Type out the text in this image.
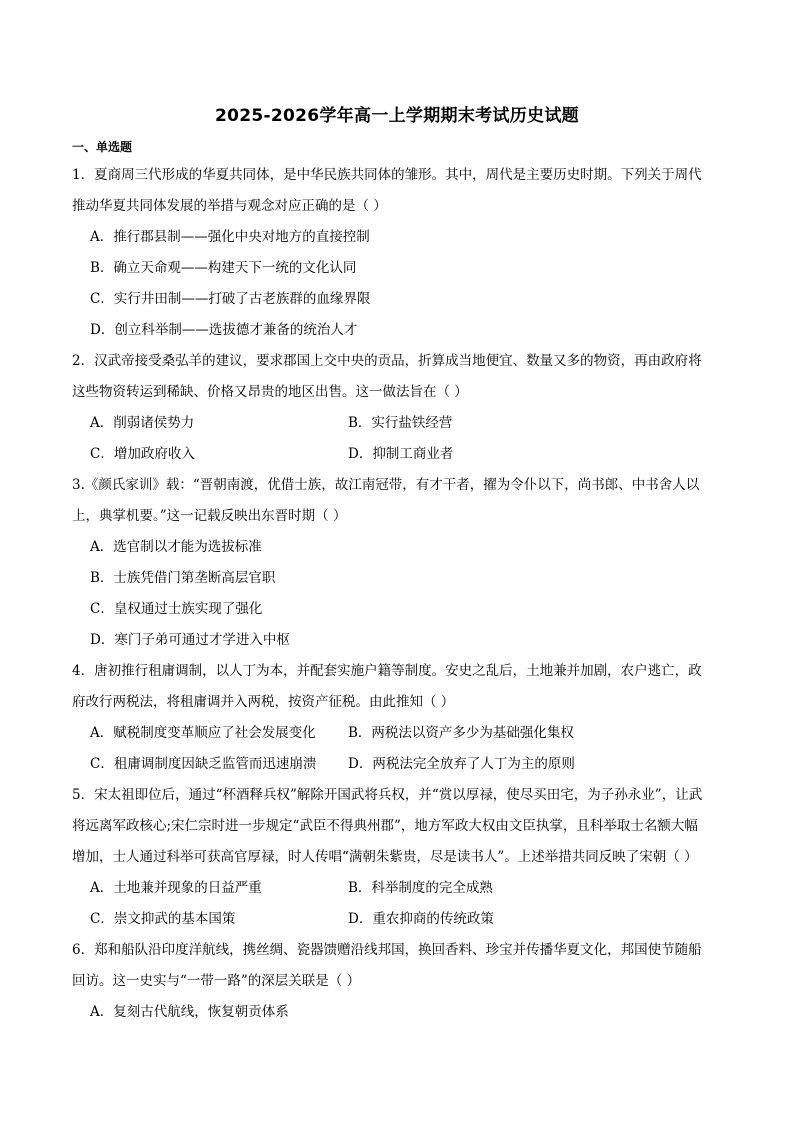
2025-2026学年高一上学期期末考试历史试题
一、单选题

1．夏商周三代形成的华夏共同体，是中华民族共同体的雏形。其中，周代是主要历史时期。下列关于周代
推动华夏共同体发展的举措与观念对应正确的是（ ）

A．推行郡县制——强化中央对地方的直接控制

B．确立天命观——构建天下一统的文化认同

C．实行井田制——打破了古老族群的血缘界限

D．创立科举制——选拔德才兼备的统治人才

2．汉武帝接受桑弘羊的建议，要求郡国上交中央的贡品，折算成当地便宜、数量又多的物资，再由政府将
这些物资转运到稀缺、价格又昂贵的地区出售。这一做法旨在（ ）

A．削弱诸侯势力	B．实行盐铁经营
C．增加政府收入	D．抑制工商业者

3.《颜氏家训》载：“晋朝南渡，优借士族，故江南冠带，有才干者，擢为令仆以下，尚书郎、中书舍人以
上，典掌机要。”这一记载反映出东晋时期（ ）

A．选官制以才能为选拔标准

B．士族凭借门第垄断高层官职

C．皇权通过士族实现了强化

D．寒门子弟可通过才学进入中枢

4．唐初推行租庸调制，以人丁为本，并配套实施户籍等制度。安史之乱后，土地兼并加剧，农户逃亡，政
府改行两税法，将租庸调并入两税，按资产征税。由此推知（ ）

A．赋税制度变革顺应了社会发展变化	B．两税法以资产多少为基础强化集权
C．租庸调制度因缺乏监管而迅速崩溃	D．两税法完全放弃了人丁为主的原则

5．宋太祖即位后，通过“杯酒释兵权”解除开国武将兵权，并“赏以厚禄，使尽买田宅，为子孙永业”，让武
将远离军政核心;宋仁宗时进一步规定“武臣不得典州郡”，地方军政大权由文臣执掌，且科举取士名额大幅
增加，士人通过科举可获高官厚禄，时人传唱“满朝朱紫贵，尽是读书人”。上述举措共同反映了宋朝（ ）

A．土地兼并现象的日益严重	B．科举制度的完全成熟
C．崇文抑武的基本国策	D．重农抑商的传统政策

6．郑和船队沿印度洋航线，携丝绸、瓷器馈赠沿线邦国，换回香料、珍宝并传播华夏文化，邦国使节随船
回访。这一史实与“一带一路”的深层关联是（ ）

A．复刻古代航线，恢复朝贡体系
